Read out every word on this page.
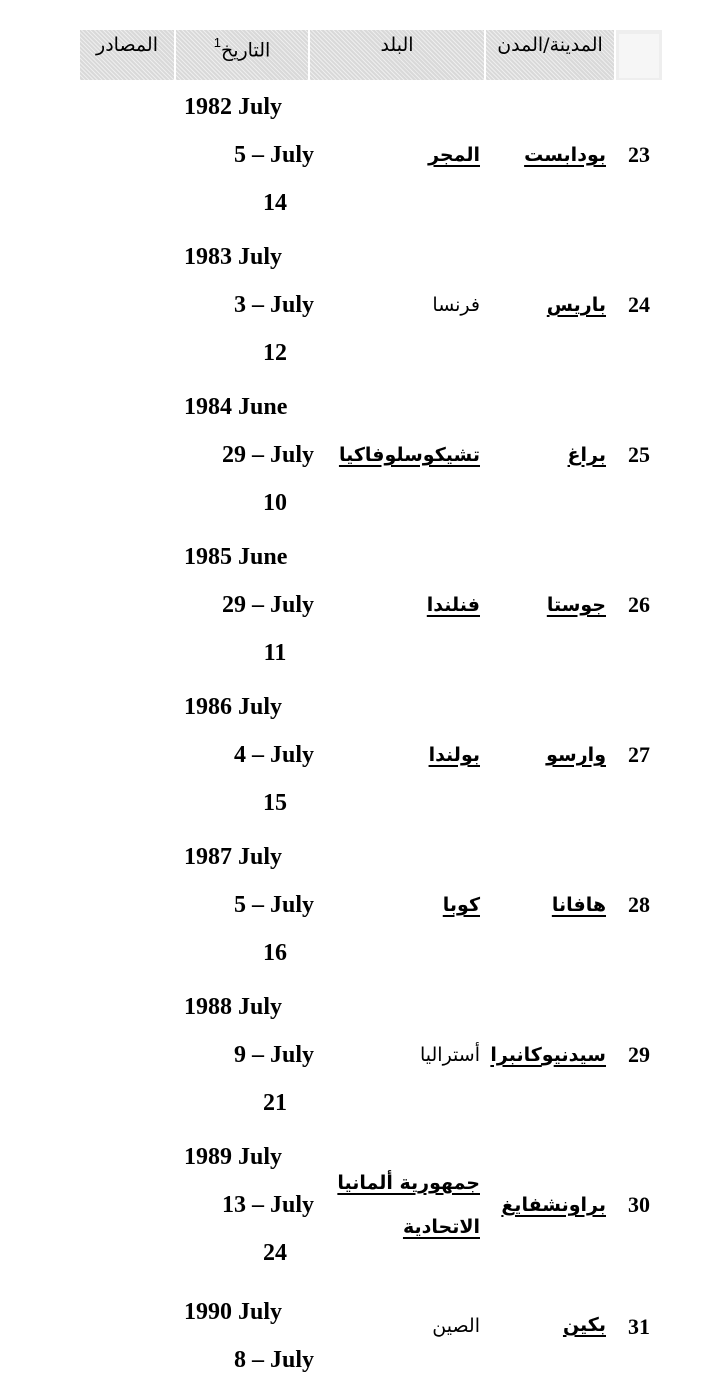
المدينة/المدن
البلد
التاريخ$^1$
المصادر
23
بودابست
المجر
1982 July
5 – July
14
24
باريس
فرنسا
1983 July
3 – July
12
25
براغ
تشيكوسلوفاكيا
1984 June
29 – July
10
26
جوستا
فنلندا
1985 June
29 – July
11
27
وارسو
بولندا
1986 July
4 – July
15
28
هافانا
كوبا
1987 July
5 – July
16
29
سيدنيوكانبرا
أستراليا
1988 July
9 – July
21
30
براونشفايغ
جمهورية ألمانيا
الاتحادية
1989 July
13 – July
24
31
بكين
الصين
1990 July
8 – July
